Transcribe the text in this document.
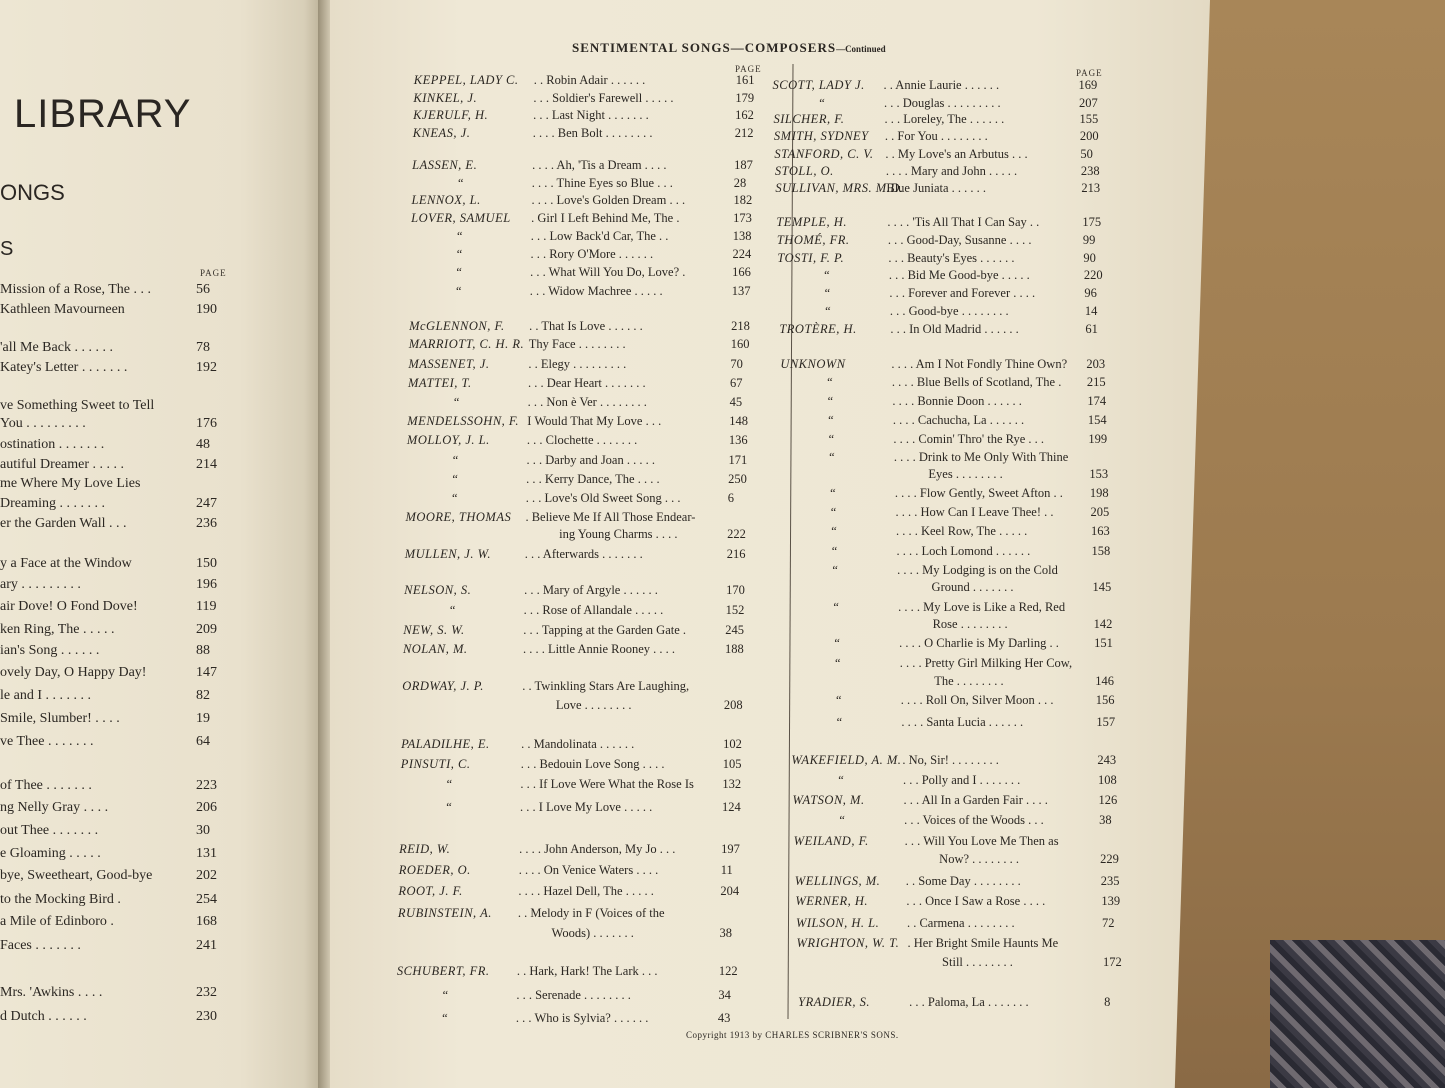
LIBRARY
ONGS
S
PAGE
Mission of a Rose, The . . .	56
Kathleen Mavourneen	190
'all Me Back . . . . . .	78
Katey's Letter . . . . . . .	192
ve Something Sweet to Tell
You . . . . . . . . .	176
ostination . . . . . . .	48
autiful Dreamer . . . . .	214
me Where My Love Lies
Dreaming . . . . . . .	247
er the Garden Wall . . .	236
y a Face at the Window	150
ary . . . . . . . . .	196
air Dove! O Fond Dove!	119
ken Ring, The . . . . .	209
ian's Song . . . . . .	88
ovely Day, O Happy Day!	147
le and I . . . . . . .	82
Smile, Slumber! . . . .	19
ve Thee . . . . . . .	64
of Thee . . . . . . .	223
ng Nelly Gray . . . .	206
out Thee . . . . . . .	30
e Gloaming . . . . .	131
bye, Sweetheart, Good-bye	202
to the Mocking Bird .	254
a Mile of Edinboro .	168
Faces . . . . . . .	241
Mrs. 'Awkins . . . .	232
d Dutch . . . . . .	230
SENTIMENTAL SONGS—COMPOSERS—Continued
PAGE	PAGE
KEPPEL, LADY C. . . Robin Adair . . . . . .	161
KINKEL, J.	. . . Soldier's Farewell . . . . .	179
KJERULF, H.	. . . Last Night . . . . . . .	162
KNEAS, J.	. . . . Ben Bolt . . . . . . . .	212
LASSEN, E.	. . . . Ah, 'Tis a Dream . . . .	187
“	. . . . Thine Eyes so Blue . . .	28
LENNOX, L.	. . . . Love's Golden Dream . . .	182
LOVER, SAMUEL . Girl I Left Behind Me, The .	173
“	. . . Low Back'd Car, The . .	138
“	. . . Rory O'More . . . . . .	224
“	. . . What Will You Do, Love? .	166
“	. . . Widow Machree . . . . .	137
McGLENNON, F. . . That Is Love . . . . . .	218
MARRIOTT, C. H. R. Thy Face . . . . . . . .	160
MASSENET, J.	. . Elegy . . . . . . . . .	70
MATTEI, T.	. . . Dear Heart . . . . . . .	67
“	. . . Non è Ver . . . . . . . .	45
MENDELSSOHN, F. I Would That My Love . . .	148
MOLLOY, J. L.	. . . Clochette . . . . . . .	136
“	. . . Darby and Joan . . . . .	171
“	. . . Kerry Dance, The . . . .	250
“	. . . Love's Old Sweet Song . . .	6
MOORE, THOMAS . Believe Me If All Those Endear-
ing Young Charms . . . .	222
MULLEN, J. W.	. . . Afterwards . . . . . . .	216
NELSON, S.	. . . Mary of Argyle . . . . . .	170
“	. . . Rose of Allandale . . . . .	152
NEW, S. W.	. . . Tapping at the Garden Gate .	245
NOLAN, M.	. . . . Little Annie Rooney . . . .	188
ORDWAY, J. P.	. . Twinkling Stars Are Laughing,
Love . . . . . . . .	208
PALADILHE, E.	. . Mandolinata . . . . . .	102
PINSUTI, C.	. . . Bedouin Love Song . . . .	105
“	. . . If Love Were What the Rose Is 132
“	. . . I Love My Love . . . . .	124
REID, W.	. . . . John Anderson, My Jo . . .	197
ROEDER, O.	. . . . On Venice Waters . . . .	11
ROOT, J. F.	. . . . Hazel Dell, The . . . . .	204
RUBINSTEIN, A. . . Melody in F (Voices of the
Woods) . . . . . . .	38
SCHUBERT, FR. . . Hark, Hark! The Lark . . .	122
“	. . . Serenade . . . . . . . .	34
“	. . . Who is Sylvia? . . . . . .	43
SCOTT, LADY J. . . Annie Laurie . . . . . .	169
“	. . . Douglas . . . . . . . . .	207
SILCHER, F.	. . . Loreley, The . . . . . .	155
SMITH, SYDNEY . . For You . . . . . . . .	200
STANFORD, C. V. . . My Love's an Arbutus . . .	50
STOLL, O.	. . . . Mary and John . . . . .	238
SULLIVAN, MRS. M.D.
Blue Juniata . . . . . .	213
TEMPLE, H.	. . . . 'Tis All That I Can Say . .	175
THOMÉ, FR.	. . . Good-Day, Susanne . . . .	99
TOSTI, F. P.	. . . Beauty's Eyes . . . . . .	90
“	. . . Bid Me Good-bye . . . . .	220
“	. . . Forever and Forever . . . .	96
“	. . . Good-bye . . . . . . . .	14
TROTÈRE, H.	. . . In Old Madrid . . . . . .	61
UNKNOWN	. . . . Am I Not Fondly Thine Own? 203
“	. . . . Blue Bells of Scotland, The . 215
“	. . . . Bonnie Doon . . . . . .	174
“	. . . . Cachucha, La . . . . . .	154
“	. . . . Comin' Thro' the Rye . . .	199
“	. . . . Drink to Me Only With Thine
Eyes . . . . . . . .	153
“	. . . . Flow Gently, Sweet Afton . . 198
“	. . . . How Can I Leave Thee! . .	205
“	. . . . Keel Row, The . . . . .	163
“	. . . . Loch Lomond . . . . . .	158
“	. . . . My Lodging is on the Cold
Ground . . . . . . .	145
“	. . . . My Love is Like a Red, Red
Rose . . . . . . . .	142
“	. . . . O Charlie is My Darling . .	151
“	. . . . Pretty Girl Milking Her Cow,
The . . . . . . . .	146
“	. . . . Roll On, Silver Moon . . .	156
“	. . . . Santa Lucia . . . . . .	157
WAKEFIELD, A. M. . No, Sir! . . . . . . . .	243
“	. . . Polly and I . . . . . . .	108
WATSON, M.	. . . All In a Garden Fair . . . .	126
“	. . . Voices of the Woods . . .	38
WEILAND, F.	. . . Will You Love Me Then as
Now? . . . . . . . .	229
WELLINGS, M. . . Some Day . . . . . . . .	235
WERNER, H.	. . . Once I Saw a Rose . . . .	139
WILSON, H. L. . . Carmena . . . . . . . .	72
WRIGHTON, W. T. . Her Bright Smile Haunts Me
Still . . . . . . . .	172
YRADIER, S.	. . . Paloma, La . . . . . . .	8
Copyright 1913 by CHARLES SCRIBNER'S SONS.
